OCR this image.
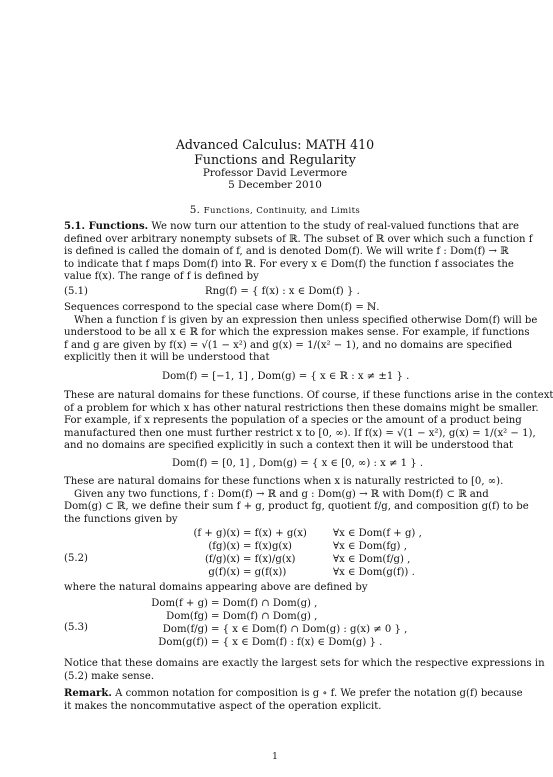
Advanced Calculus: MATH 410
Functions and Regularity
Professor David Levermore
5 December 2010
5. Functions, Continuity, and Limits
5.1. Functions. We now turn our attention to the study of real-valued functions that are
defined over arbitrary nonempty subsets of ℝ. The subset of ℝ over which such a function f
is defined is called the domain of f, and is denoted Dom(f). We will write f : Dom(f) → ℝ
to indicate that f maps Dom(f) into ℝ. For every x ∈ Dom(f) the function f associates the
value f(x). The range of f is defined by
(5.1)	Rng(f) = { f(x) : x ∈ Dom(f) } .
Sequences correspond to the special case where Dom(f) = ℕ.
When a function f is given by an expression then unless specified otherwise Dom(f) will be
understood to be all x ∈ ℝ for which the expression makes sense. For example, if functions
f and g are given by f(x) = √(1 − x²) and g(x) = 1/(x² − 1), and no domains are specified
explicitly then it will be understood that
Dom(f) = [−1, 1] , Dom(g) = { x ∈ ℝ : x ≠ ±1 } .
These are natural domains for these functions. Of course, if these functions arise in the context
of a problem for which x has other natural restrictions then these domains might be smaller.
For example, if x represents the population of a species or the amount of a product being
manufactured then one must further restrict x to [0, ∞). If f(x) = √(1 − x²), g(x) = 1/(x² − 1),
and no domains are specified explicitly in such a context then it will be understood that
Dom(f) = [0, 1] , Dom(g) = { x ∈ [0, ∞) : x ≠ 1 } .
These are natural domains for these functions when x is naturally restricted to [0, ∞).
Given any two functions, f : Dom(f) → ℝ and g : Dom(g) → ℝ with Dom(f) ⊂ ℝ and
Dom(g) ⊂ ℝ, we define their sum f + g, product fg, quotient f/g, and composition g(f) to be
the functions given by
(5.2)
(f + g)(x) = f(x) + g(x)	∀x ∈ Dom(f + g) ,
(fg)(x) = f(x)g(x)	∀x ∈ Dom(fg) ,
(f/g)(x) = f(x)/g(x)	∀x ∈ Dom(f/g) ,
g(f)(x) = g(f(x))	∀x ∈ Dom(g(f)) .
where the natural domains appearing above are defined by
(5.3)
Dom(f + g) = Dom(f) ∩ Dom(g) ,
Dom(fg) = Dom(f) ∩ Dom(g) ,
Dom(f/g) = { x ∈ Dom(f) ∩ Dom(g) : g(x) ≠ 0 } ,
Dom(g(f)) = { x ∈ Dom(f) : f(x) ∈ Dom(g) } .
Notice that these domains are exactly the largest sets for which the respective expressions in
(5.2) make sense.
Remark. A common notation for composition is g ∘ f. We prefer the notation g(f) because
it makes the noncommutative aspect of the operation explicit.
1
